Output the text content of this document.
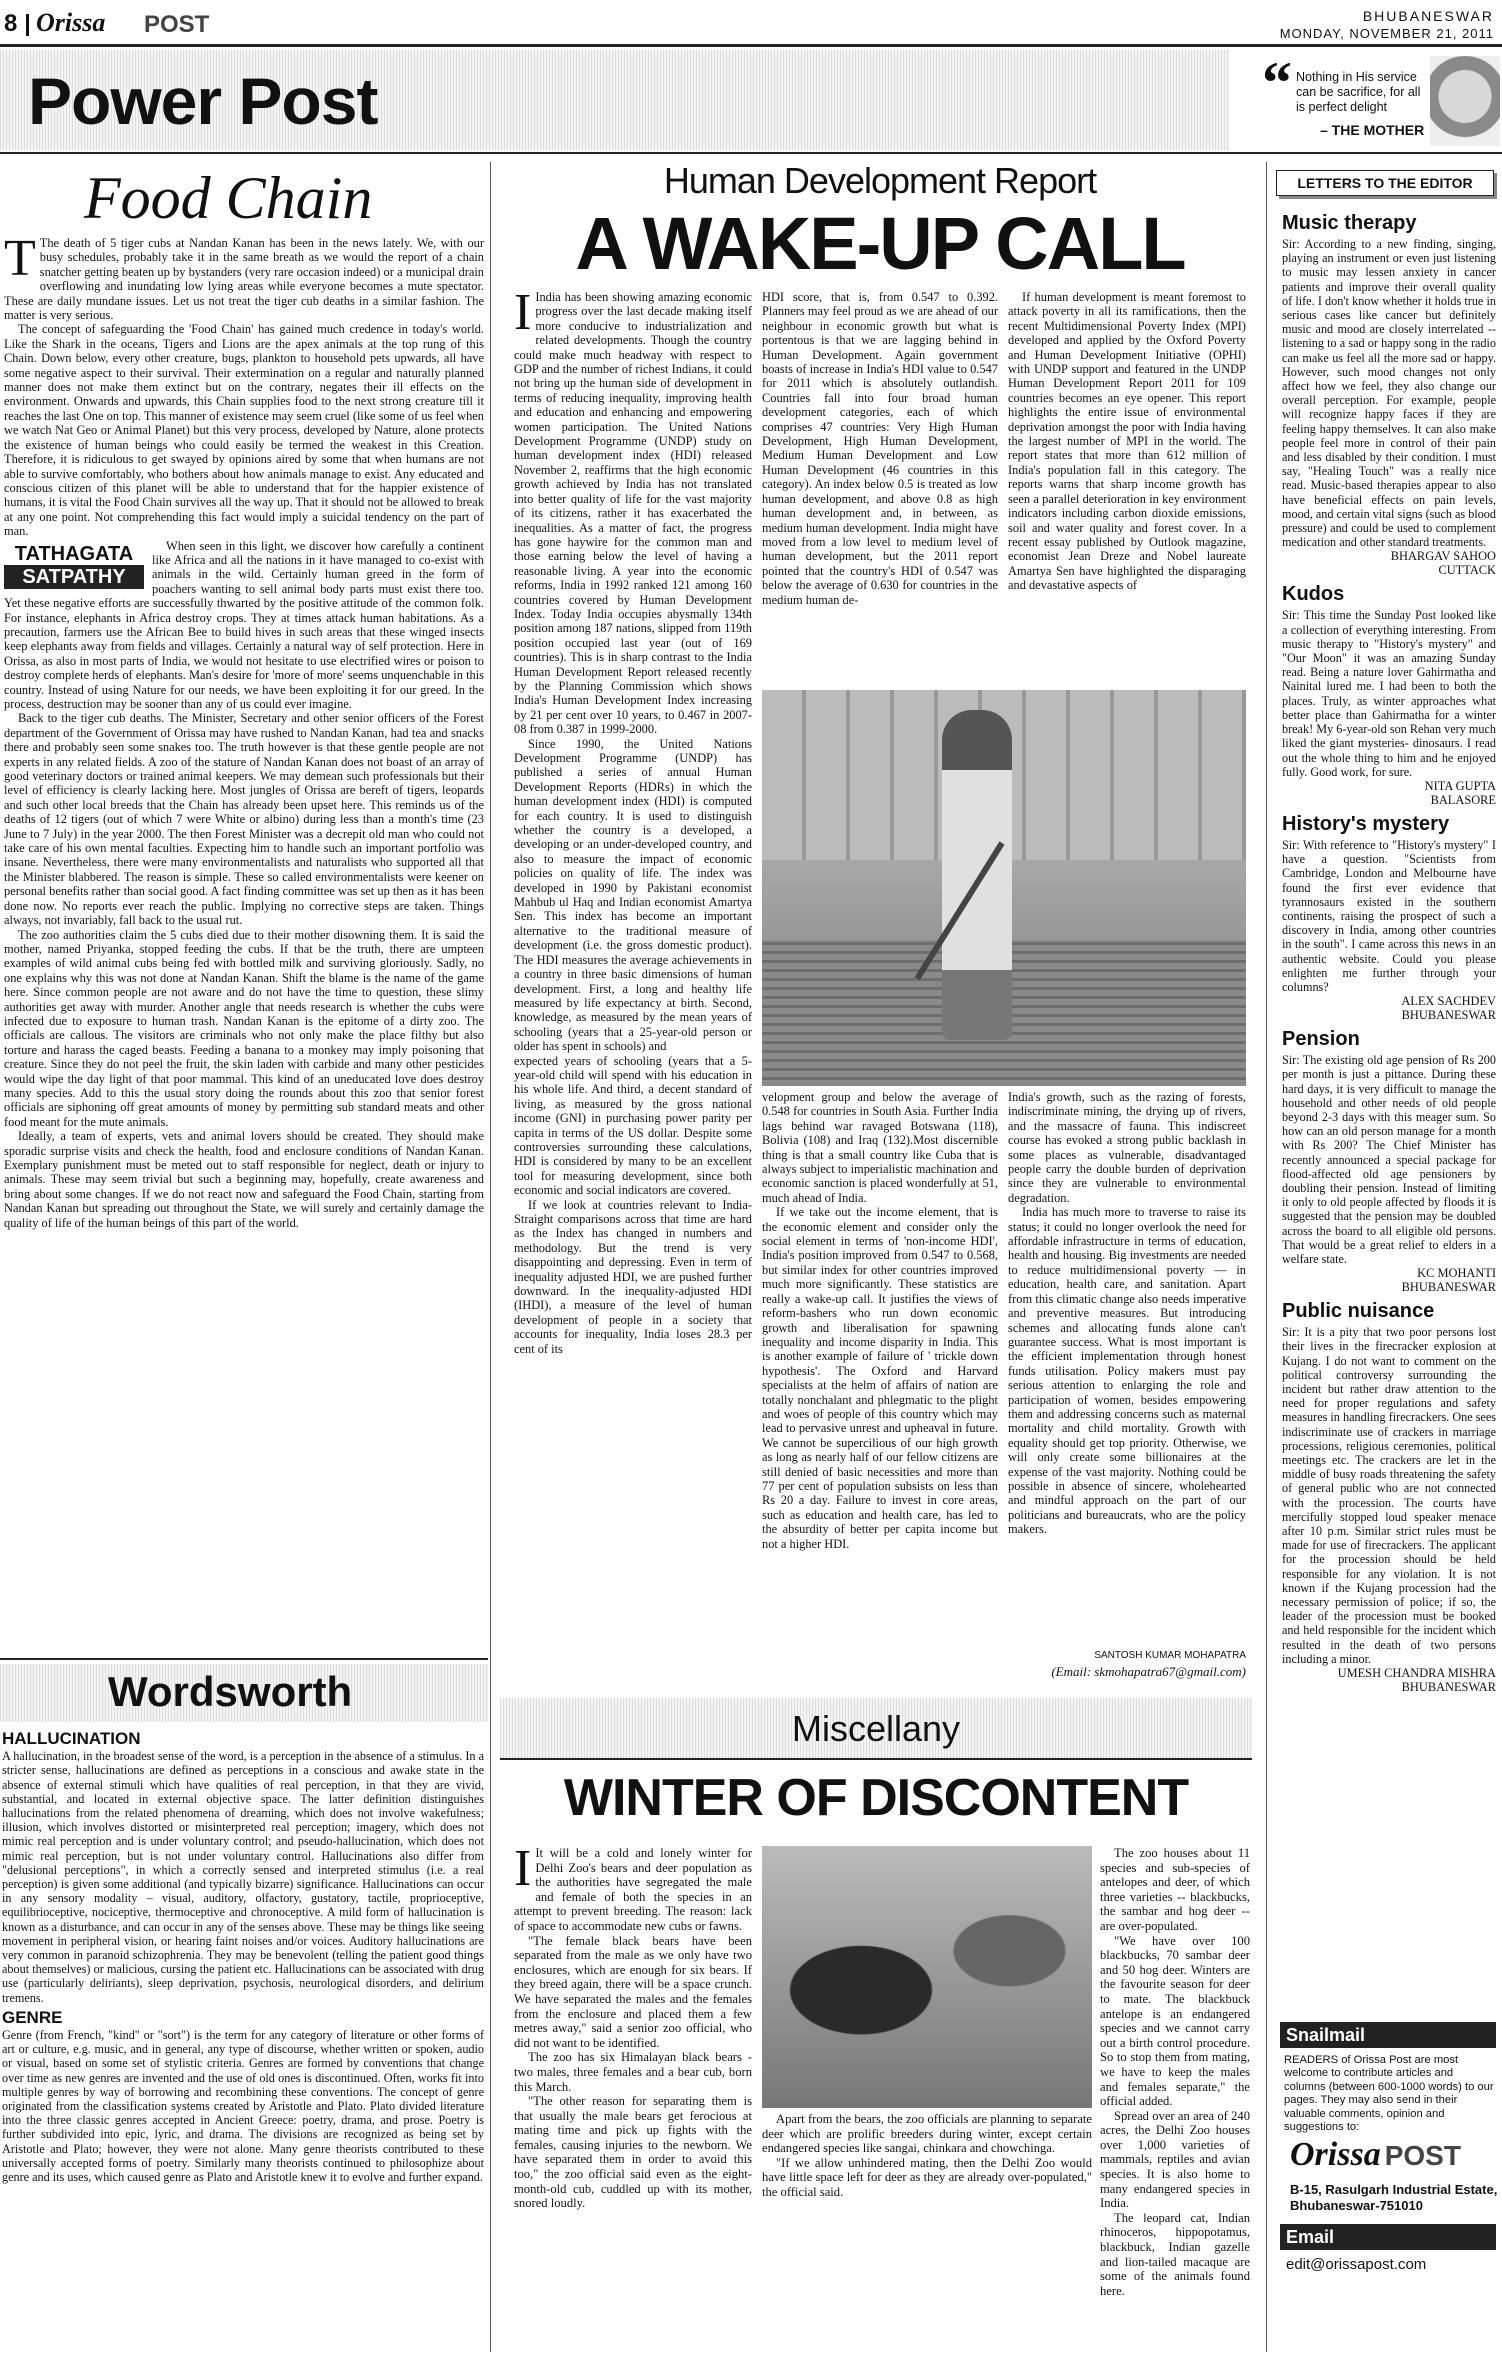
8 Orissa POST	BHUBANESWAR
MONDAY, NOVEMBER 21, 2011
Power Post	“ Nothing in His service can be sacrifice, for all is perfect delight
– THE MOTHER
Food Chain

T The death of 5 tiger cubs at Nandan Kanan has been in the news lately. We, with our busy schedules, probably take it in the same breath as we would the report of a chain snatcher getting beaten up by bystanders (very rare occasion indeed) or a municipal drain overflowing and inundating low lying areas while everyone becomes a mute spectator. These are daily mundane issues. Let us not treat the tiger cub deaths in a similar fashion. The matter is very serious.

The concept of safeguarding the 'Food Chain' has gained much credence in today's world. Like the Shark in the oceans, Tigers and Lions are the apex animals at the top rung of this Chain. Down below, every other creature, bugs, plankton to household pets upwards, all have some negative aspect to their survival. Their extermination on a regular and naturally planned manner does not make them extinct but on the contrary, negates their ill effects on the environment. Onwards and upwards, this Chain supplies food to the next strong creature till it reaches the last One on top. This manner of existence may seem cruel (like some of us feel when we watch Nat Geo or Animal Planet) but this very process, developed by Nature, alone protects the existence of human beings who could easily be termed the weakest in this Creation. Therefore, it is ridiculous to get swayed by opinions aired by some that when humans are not able to survive comfortably, who bothers about how animals manage to exist. Any educated and conscious citizen of this planet will be able to understand that for the happier existence of humans, it is vital the Food Chain survives all the way up. That it should not be allowed to break at any one point. Not comprehending this fact would imply a suicidal tendency on the part of man.

TATHAGATA
SATPATHY
When seen in this light, we discover how carefully a continent like Africa and all the nations in it have managed to co-exist with animals in the wild. Certainly human greed in the form of poachers wanting to sell animal body parts must exist there too. Yet these negative efforts are successfully thwarted by the positive attitude of the common folk. For instance, elephants in Africa destroy crops. They at times attack human habitations. As a precaution, farmers use the African Bee to build hives in such areas that these winged insects keep elephants away from fields and villages. Certainly a natural way of self protection. Here in Orissa, as also in most parts of India, we would not hesitate to use electrified wires or poison to destroy complete herds of elephants. Man's desire for 'more of more' seems unquenchable in this country. Instead of using Nature for our needs, we have been exploiting it for our greed. In the process, destruction may be sooner than any of us could ever imagine.

Back to the tiger cub deaths. The Minister, Secretary and other senior officers of the Forest department of the Government of Orissa may have rushed to Nandan Kanan, had tea and snacks there and probably seen some snakes too. The truth however is that these gentle people are not experts in any related fields. A zoo of the stature of Nandan Kanan does not boast of an array of good veterinary doctors or trained animal keepers. We may demean such professionals but their level of efficiency is clearly lacking here. Most jungles of Orissa are bereft of tigers, leopards and such other local breeds that the Chain has already been upset here. This reminds us of the deaths of 12 tigers (out of which 7 were White or albino) during less than a month's time (23 June to 7 July) in the year 2000. The then Forest Minister was a decrepit old man who could not take care of his own mental faculties. Expecting him to handle such an important portfolio was insane. Nevertheless, there were many environmentalists and naturalists who supported all that the Minister blabbered. The reason is simple. These so called environmentalists were keener on personal benefits rather than social good. A fact finding committee was set up then as it has been done now. No reports ever reach the public. Implying no corrective steps are taken. Things always, not invariably, fall back to the usual rut.

The zoo authorities claim the 5 cubs died due to their mother disowning them. It is said the mother, named Priyanka, stopped feeding the cubs. If that be the truth, there are umpteen examples of wild animal cubs being fed with bottled milk and surviving gloriously. Sadly, no one explains why this was not done at Nandan Kanan. Shift the blame is the name of the game here. Since common people are not aware and do not have the time to question, these slimy authorities get away with murder. Another angle that needs research is whether the cubs were infected due to exposure to human trash. Nandan Kanan is the epitome of a dirty zoo. The officials are callous. The visitors are criminals who not only make the place filthy but also torture and harass the caged beasts. Feeding a banana to a monkey may imply poisoning that creature. Since they do not peel the fruit, the skin laden with carbide and many other pesticides would wipe the day light of that poor mammal. This kind of an uneducated love does destroy many species. Add to this the usual story doing the rounds about this zoo that senior forest officials are siphoning off great amounts of money by permitting sub standard meats and other food meant for the mute animals.

Ideally, a team of experts, vets and animal lovers should be created. They should make sporadic surprise visits and check the health, food and enclosure conditions of Nandan Kanan. Exemplary punishment must be meted out to staff responsible for neglect, death or injury to animals. These may seem trivial but such a beginning may, hopefully, create awareness and bring about some changes. If we do not react now and safeguard the Food Chain, starting from Nandan Kanan but spreading out throughout the State, we will surely and certainly damage the quality of life of the human beings of this part of the world.

Wordsworth
HALLUCINATION

A hallucination, in the broadest sense of the word, is a perception in the absence of a stimulus. In a stricter sense, hallucinations are defined as perceptions in a conscious and awake state in the absence of external stimuli which have qualities of real perception, in that they are vivid, substantial, and located in external objective space. The latter definition distinguishes hallucinations from the related phenomena of dreaming, which does not involve wakefulness; illusion, which involves distorted or misinterpreted real perception; imagery, which does not mimic real perception and is under voluntary control; and pseudo-hallucination, which does not mimic real perception, but is not under voluntary control. Hallucinations also differ from "delusional perceptions", in which a correctly sensed and interpreted stimulus (i.e. a real perception) is given some additional (and typically bizarre) significance. Hallucinations can occur in any sensory modality – visual, auditory, olfactory, gustatory, tactile, proprioceptive, equilibrioceptive, nociceptive, thermoceptive and chronoceptive. A mild form of hallucination is known as a disturbance, and can occur in any of the senses above. These may be things like seeing movement in peripheral vision, or hearing faint noises and/or voices. Auditory hallucinations are very common in paranoid schizophrenia. They may be benevolent (telling the patient good things about themselves) or malicious, cursing the patient etc. Hallucinations can be associated with drug use (particularly deliriants), sleep deprivation, psychosis, neurological disorders, and delirium tremens.

GENRE

Genre (from French, "kind" or "sort") is the term for any category of literature or other forms of art or culture, e.g. music, and in general, any type of discourse, whether written or spoken, audio or visual, based on some set of stylistic criteria. Genres are formed by conventions that change over time as new genres are invented and the use of old ones is discontinued. Often, works fit into multiple genres by way of borrowing and recombining these conventions. The concept of genre originated from the classification systems created by Aristotle and Plato. Plato divided literature into the three classic genres accepted in Ancient Greece: poetry, drama, and prose. Poetry is further subdivided into epic, lyric, and drama. The divisions are recognized as being set by Aristotle and Plato; however, they were not alone. Many genre theorists contributed to these universally accepted forms of poetry. Similarly many theorists continued to philosophize about genre and its uses, which caused genre as Plato and Aristotle knew it to evolve and further expand.

Human Development Report
A WAKE-UP CALL

I India has been showing amazing economic progress over the last decade making itself more conducive to industrialization and related developments. Though the country could make much headway with respect to GDP and the number of richest Indians, it could not bring up the human side of development in terms of reducing inequality, improving health and education and enhancing and empowering women participation. The United Nations Development Programme (UNDP) study on human development index (HDI) released November 2, reaffirms that the high economic growth achieved by India has not translated into better quality of life for the vast majority of its citizens, rather it has exacerbated the inequalities. As a matter of fact, the progress has gone haywire for the common man and those earning below the level of having a reasonable living. A year into the economic reforms, India in 1992 ranked 121 among 160 countries covered by Human Development Index. Today India occupies abysmally 134th position among 187 nations, slipped from 119th position occupied last year (out of 169 countries). This is in sharp contrast to the India Human Development Report released recently by the Planning Commission which shows India's Human Development Index increasing by 21 per cent over 10 years, to 0.467 in 2007-08 from 0.387 in 1999-2000.

Since 1990, the United Nations Development Programme (UNDP) has published a series of annual Human Development Reports (HDRs) in which the human development index (HDI) is computed for each country. It is used to distinguish whether the country is a developed, a developing or an under-developed country, and also to measure the impact of economic policies on quality of life. The index was developed in 1990 by Pakistani economist Mahbub ul Haq and Indian economist Amartya Sen. This index has become an important alternative to the traditional measure of development (i.e. the gross domestic product). The HDI measures the average achievements in a country in three basic dimensions of human development. First, a long and healthy life measured by life expectancy at birth. Second, knowledge, as measured by the mean years of schooling (years that a 25-year-old person or older has spent in schools) and

expected years of schooling (years that a 5-year-old child will spend with his education in his whole life. And third, a decent standard of living, as measured by the gross national income (GNI) in purchasing power parity per capita in terms of the US dollar. Despite some controversies surrounding these calculations, HDI is considered by many to be an excellent tool for measuring development, since both economic and social indicators are covered.

If we look at countries relevant to India- Straight comparisons across that time are hard as the Index has changed in numbers and methodology. But the trend is very disappointing and depressing. Even in term of inequality adjusted HDI, we are pushed further downward. In the inequality-adjusted HDI (IHDI), a measure of the level of human development of people in a society that accounts for inequality, India loses 28.3 per cent of its

HDI score, that is, from 0.547 to 0.392. Planners may feel proud as we are ahead of our neighbour in economic growth but what is portentous is that we are lagging behind in Human Development. Again government boasts of increase in India's HDI value to 0.547 for 2011 which is absolutely outlandish. Countries fall into four broad human development categories, each of which comprises 47 countries: Very High Human Development, High Human Development, Medium Human Development and Low Human Development (46 countries in this category). An index below 0.5 is treated as low human development, and above 0.8 as high human development and, in between, as medium human development. India might have moved from a low level to medium level of human development, but the 2011 report pointed that the country's HDI of 0.547 was below the average of 0.630 for countries in the medium human de-

If human development is meant foremost to attack poverty in all its ramifications, then the recent Multidimensional Poverty Index (MPI) developed and applied by the Oxford Poverty and Human Development Initiative (OPHI) with UNDP support and featured in the UNDP Human Development Report 2011 for 109 countries becomes an eye opener. This report highlights the entire issue of environmental deprivation amongst the poor with India having the largest number of MPI in the world. The report states that more than 612 million of India's population fall in this category. The reports warns that sharp income growth has seen a parallel deterioration in key environment indicators including carbon dioxide emissions, soil and water quality and forest cover. In a recent essay published by Outlook magazine, economist Jean Dreze and Nobel laureate Amartya Sen have highlighted the disparaging and devastative aspects of

velopment group and below the average of 0.548 for countries in South Asia. Further India lags behind war ravaged Botswana (118), Bolivia (108) and Iraq (132).Most discernible thing is that a small country like Cuba that is always subject to imperialistic machination and economic sanction is placed wonderfully at 51, much ahead of India.

If we take out the income element, that is the economic element and consider only the social element in terms of 'non-income HDI', India's position improved from 0.547 to 0.568, but similar index for other countries improved much more significantly. These statistics are really a wake-up call. It justifies the views of reform-bashers who run down economic growth and liberalisation for spawning inequality and income disparity in India. This is another example of failure of ' trickle down hypothesis'. The Oxford and Harvard specialists at the helm of affairs of nation are totally nonchalant and phlegmatic to the plight and woes of people of this country which may lead to pervasive unrest and upheaval in future. We cannot be supercilious of our high growth as long as nearly half of our fellow citizens are still denied of basic necessities and more than 77 per cent of population subsists on less than Rs 20 a day. Failure to invest in core areas, such as education and health care, has led to the absurdity of better per capita income but not a higher HDI.

India's growth, such as the razing of forests, indiscriminate mining, the drying up of rivers, and the massacre of fauna. This indiscreet course has evoked a strong public backlash in some places as vulnerable, disadvantaged people carry the double burden of deprivation since they are vulnerable to environmental degradation.

India has much more to traverse to raise its status; it could no longer overlook the need for affordable infrastructure in terms of education, health and housing. Big investments are needed to reduce multidimensional poverty — in education, health care, and sanitation. Apart from this climatic change also needs imperative and preventive measures. But introducing schemes and allocating funds alone can't guarantee success. What is most important is the efficient implementation through honest funds utilisation. Policy makers must pay serious attention to enlarging the role and participation of women, besides empowering them and addressing concerns such as maternal mortality and child mortality. Growth with equality should get top priority. Otherwise, we will only create some billionaires at the expense of the vast majority. Nothing could be possible in absence of sincere, wholehearted and mindful approach on the part of our politicians and bureaucrats, who are the policy makers.

SANTOSH KUMAR MOHAPATRA
(Email: skmohapatra67@gmail.com)
Miscellany
WINTER OF DISCONTENT

I It will be a cold and lonely winter for Delhi Zoo's bears and deer population as the authorities have segregated the male and female of both the species in an attempt to prevent breeding. The reason: lack of space to accommodate new cubs or fawns.

"The female black bears have been separated from the male as we only have two enclosures, which are enough for six bears. If they breed again, there will be a space crunch. We have separated the males and the females from the enclosure and placed them a few metres away," said a senior zoo official, who did not want to be identified.

The zoo has six Himalayan black bears - two males, three females and a bear cub, born this March.

"The other reason for separating them is that usually the male bears get ferocious at mating time and pick up fights with the females, causing injuries to the newborn. We have separated them in order to avoid this too," the zoo official said even as the eight-month-old cub, cuddled up with its mother, snored loudly.

Apart from the bears, the zoo officials are planning to separate deer which are prolific breeders during winter, except certain endangered species like sangai, chinkara and chowchinga.

"If we allow unhindered mating, then the Delhi Zoo would have little space left for deer as they are already over-populated," the official said.

The zoo houses about 11 species and sub-species of antelopes and deer, of which three varieties -- blackbucks, the sambar and hog deer -- are over-populated.

"We have over 100 blackbucks, 70 sambar deer and 50 hog deer. Winters are the favourite season for deer to mate. The blackbuck antelope is an endangered species and we cannot carry out a birth control procedure. So to stop them from mating, we have to keep the males and females separate," the official added.

Spread over an area of 240 acres, the Delhi Zoo houses over 1,000 varieties of mammals, reptiles and avian species. It is also home to many endangered species in India.

The leopard cat, Indian rhinoceros, hippopotamus, blackbuck, Indian gazelle and lion-tailed macaque are some of the animals found here.

LETTERS TO THE EDITOR
Music therapy

Sir: According to a new finding, singing, playing an instrument or even just listening to music may lessen anxiety in cancer patients and improve their overall quality of life. I don't know whether it holds true in serious cases like cancer but definitely music and mood are closely interrelated -- listening to a sad or happy song in the radio can make us feel all the more sad or happy. However, such mood changes not only affect how we feel, they also change our overall perception. For example, people will recognize happy faces if they are feeling happy themselves. It can also make people feel more in control of their pain and less disabled by their condition. I must say, "Healing Touch" was a really nice read. Music-based therapies appear to also have beneficial effects on pain levels, mood, and certain vital signs (such as blood pressure) and could be used to complement medication and other standard treatments.

BHARGAV SAHOO
CUTTACK
Kudos

Sir: This time the Sunday Post looked like a collection of everything interesting. From music therapy to "History's mystery" and "Our Moon" it was an amazing Sunday read. Being a nature lover Gahirmatha and Nainital lured me. I had been to both the places. Truly, as winter approaches what better place than Gahirmatha for a winter break! My 6-year-old son Rehan very much liked the giant mysteries- dinosaurs. I read out the whole thing to him and he enjoyed fully. Good work, for sure.

NITA GUPTA
BALASORE
History's mystery

Sir: With reference to "History's mystery" I have a question. "Scientists from Cambridge, London and Melbourne have found the first ever evidence that tyrannosaurs existed in the southern continents, raising the prospect of such a discovery in India, among other countries in the south". I came across this news in an authentic website. Could you please enlighten me further through your columns?

ALEX SACHDEV
BHUBANESWAR
Pension

Sir: The existing old age pension of Rs 200 per month is just a pittance. During these hard days, it is very difficult to manage the household and other needs of old people beyond 2-3 days with this meager sum. So how can an old person manage for a month with Rs 200? The Chief Minister has recently announced a special package for flood-affected old age pensioners by doubling their pension. Instead of limiting it only to old people affected by floods it is suggested that the pension may be doubled across the board to all eligible old persons. That would be a great relief to elders in a welfare state.

KC MOHANTI
BHUBANESWAR
Public nuisance

Sir: It is a pity that two poor persons lost their lives in the firecracker explosion at Kujang. I do not want to comment on the political controversy surrounding the incident but rather draw attention to the need for proper regulations and safety measures in handling firecrackers. One sees indiscriminate use of crackers in marriage processions, religious ceremonies, political meetings etc. The crackers are let in the middle of busy roads threatening the safety of general public who are not connected with the procession. The courts have mercifully stopped loud speaker menace after 10 p.m. Similar strict rules must be made for use of firecrackers. The applicant for the procession should be held responsible for any violation. It is not known if the Kujang procession had the necessary permission of police; if so, the leader of the procession must be booked and held responsible for the incident which resulted in the death of two persons including a minor.

UMESH CHANDRA MISHRA
BHUBANESWAR
Snailmail
READERS of Orissa Post are most welcome to contribute articles and columns (between 600-1000 words) to our pages. They may also send in their valuable comments, opinion and suggestions to:
Orissa POST
B-15, Rasulgarh Industrial Estate,
Bhubaneswar-751010
Email
edit@orissapost.com
